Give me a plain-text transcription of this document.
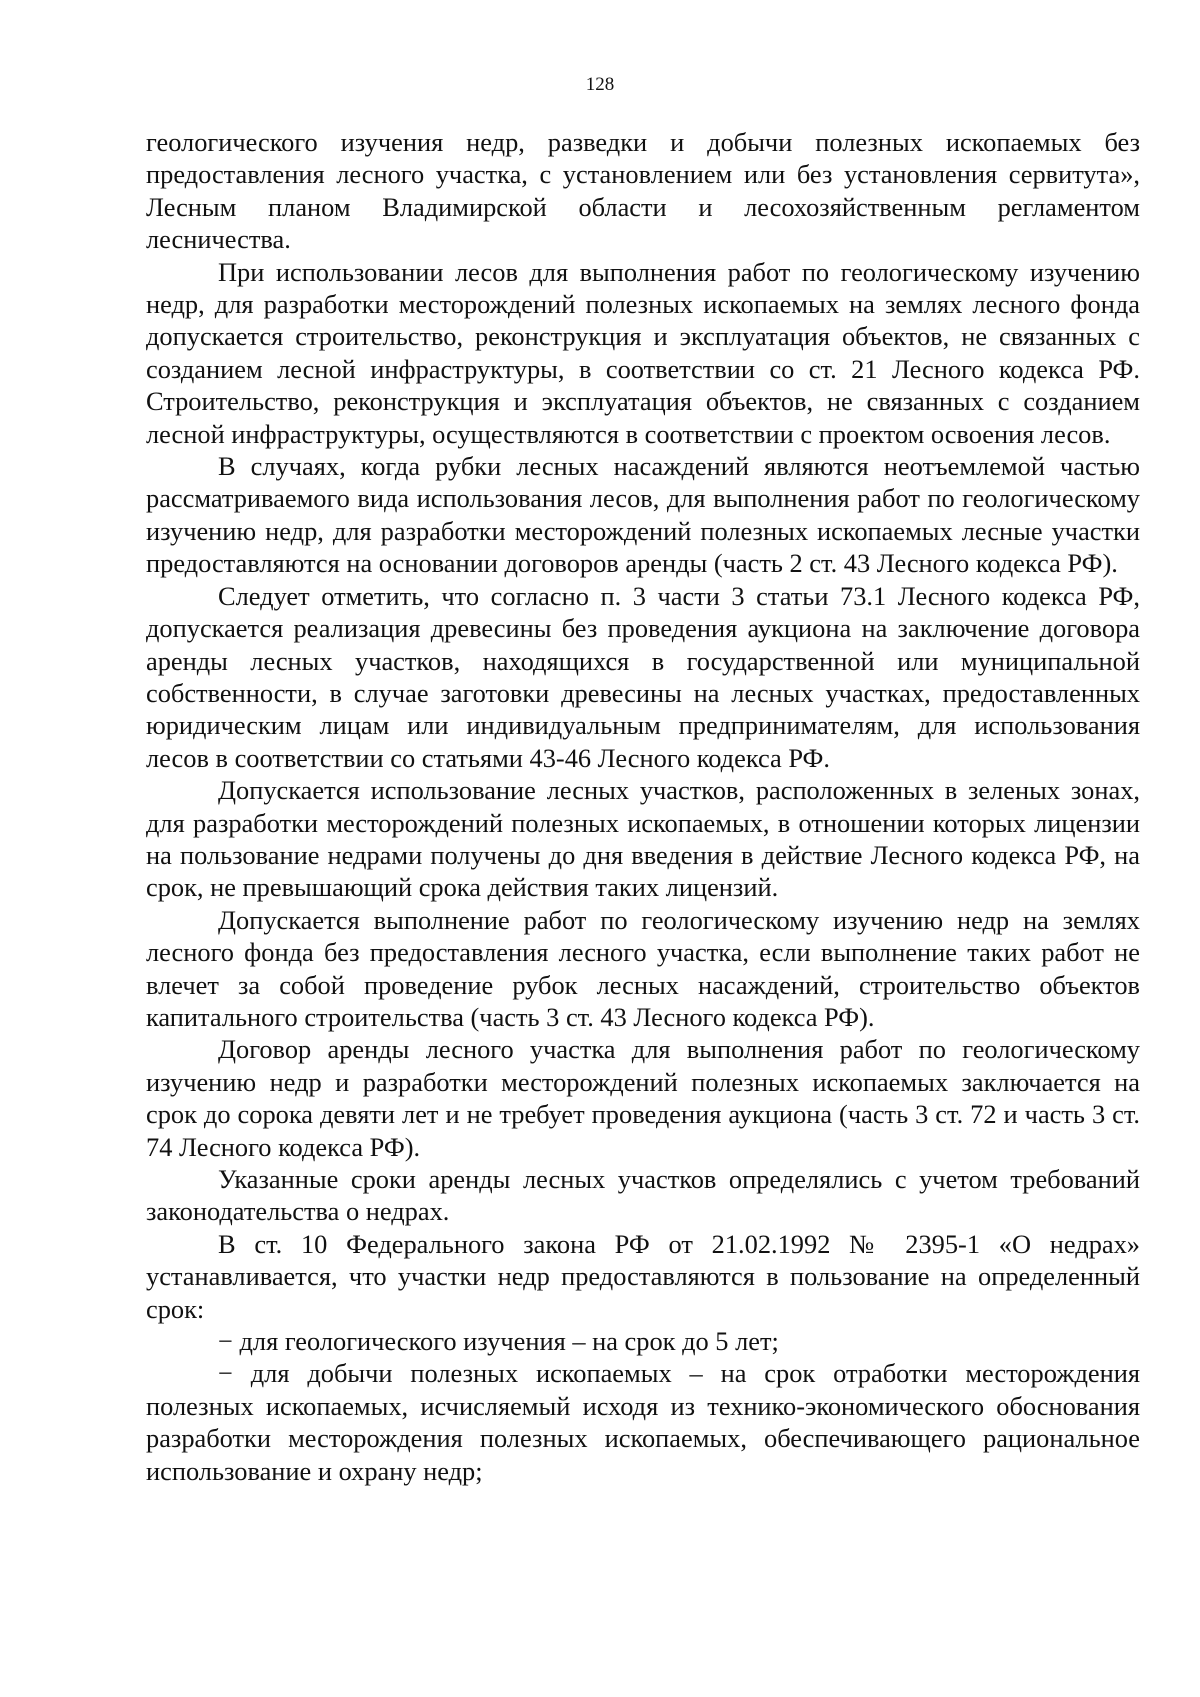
128

геологического изучения недр, разведки и добычи полезных ископаемых без предоставления лесного участка, с установлением или без установления сервитута», Лесным планом Владимирской области и лесохозяйственным регламентом лесничества.

При использовании лесов для выполнения работ по геологическому изучению недр, для разработки месторождений полезных ископаемых на землях лесного фонда допускается строительство, реконструкция и эксплуатация объектов, не связанных с созданием лесной инфраструктуры, в соответствии со ст. 21 Лесного кодекса РФ. Строительство, реконструкция и эксплуатация объектов, не связанных с созданием лесной инфраструктуры, осуществляются в соответствии с проектом освоения лесов.

В случаях, когда рубки лесных насаждений являются неотъемлемой частью рассматриваемого вида использования лесов, для выполнения работ по геологическому изучению недр, для разработки месторождений полезных ископаемых лесные участки предоставляются на основании договоров аренды (часть 2 ст. 43 Лесного кодекса РФ).

Следует отметить, что согласно п. 3 части 3 статьи 73.1 Лесного кодекса РФ, допускается реализация древесины без проведения аукциона на заключение договора аренды лесных участков, находящихся в государственной или муниципальной собственности, в случае заготовки древесины на лесных участках, предоставленных юридическим лицам или индивидуальным предпринимателям, для использования лесов в соответствии со статьями 43-46 Лесного кодекса РФ.

Допускается использование лесных участков, расположенных в зеленых зонах, для разработки месторождений полезных ископаемых, в отношении которых лицензии на пользование недрами получены до дня введения в действие Лесного кодекса РФ, на срок, не превышающий срока действия таких лицензий.

Допускается выполнение работ по геологическому изучению недр на землях лесного фонда без предоставления лесного участка, если выполнение таких работ не влечет за собой проведение рубок лесных насаждений, строительство объектов капитального строительства (часть 3 ст. 43 Лесного кодекса РФ).

Договор аренды лесного участка для выполнения работ по геологическому изучению недр и разработки месторождений полезных ископаемых заключается на срок до сорока девяти лет и не требует проведения аукциона (часть 3 ст. 72 и часть 3 ст. 74 Лесного кодекса РФ).

Указанные сроки аренды лесных участков определялись с учетом требований законодательства о недрах.

В ст. 10 Федерального закона РФ от 21.02.1992 № 2395-1 «О недрах» устанавливается, что участки недр предоставляются в пользование на определенный срок:

− для геологического изучения – на срок до 5 лет;

− для добычи полезных ископаемых – на срок отработки месторождения полезных ископаемых, исчисляемый исходя из технико-экономического обоснования разработки месторождения полезных ископаемых, обеспечивающего рациональное использование и охрану недр;
